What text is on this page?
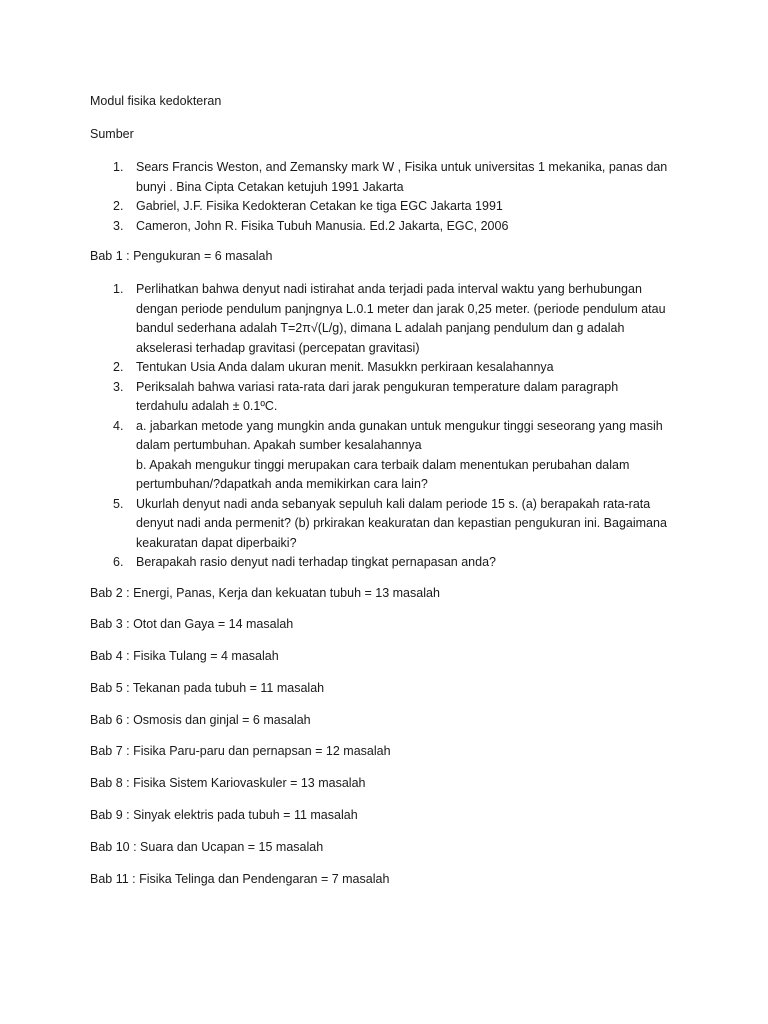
Modul fisika kedokteran

Sumber

1. Sears Francis Weston, and Zemansky mark W , Fisika untuk universitas 1 mekanika, panas dan
bunyi . Bina Cipta Cetakan ketujuh 1991 Jakarta
2. Gabriel, J.F. Fisika Kedokteran Cetakan ke tiga EGC Jakarta 1991
3. Cameron, John R. Fisika Tubuh Manusia. Ed.2 Jakarta, EGC, 2006

Bab 1 : Pengukuran = 6 masalah

1. Perlihatkan bahwa denyut nadi istirahat anda terjadi pada interval waktu yang berhubungan
dengan periode pendulum panjngnya L.0.1 meter dan jarak 0,25 meter. (periode pendulum atau
bandul sederhana adalah T=2π√(L/g), dimana L adalah panjang pendulum dan g adalah
akselerasi terhadap gravitasi (percepatan gravitasi)
2. Tentukan Usia Anda dalam ukuran menit. Masukkn perkiraan kesalahannya
3. Periksalah bahwa variasi rata-rata dari jarak pengukuran temperature dalam paragraph
terdahulu adalah ± 0.1ºC.
4. a. jabarkan metode yang mungkin anda gunakan untuk mengukur tinggi seseorang yang masih
dalam pertumbuhan. Apakah sumber kesalahannya
b. Apakah mengukur tinggi merupakan cara terbaik dalam menentukan perubahan dalam
pertumbuhan/?dapatkah anda memikirkan cara lain?
5. Ukurlah denyut nadi anda sebanyak sepuluh kali dalam periode 15 s. (a) berapakah rata-rata
denyut nadi anda permenit? (b) prkirakan keakuratan dan kepastian pengukuran ini. Bagaimana
keakuratan dapat diperbaiki?
6. Berapakah rasio denyut nadi terhadap tingkat pernapasan anda?

Bab 2 : Energi, Panas, Kerja dan kekuatan tubuh = 13 masalah

Bab 3 : Otot dan Gaya = 14 masalah

Bab 4 : Fisika Tulang = 4 masalah

Bab 5 : Tekanan pada tubuh = 11 masalah

Bab 6 : Osmosis dan ginjal = 6 masalah

Bab 7 : Fisika Paru-paru dan pernapsan = 12 masalah

Bab 8 : Fisika Sistem Kariovaskuler = 13 masalah

Bab 9 : Sinyak elektris pada tubuh = 11 masalah

Bab 10 : Suara dan Ucapan = 15 masalah

Bab 11 : Fisika Telinga dan Pendengaran = 7 masalah
